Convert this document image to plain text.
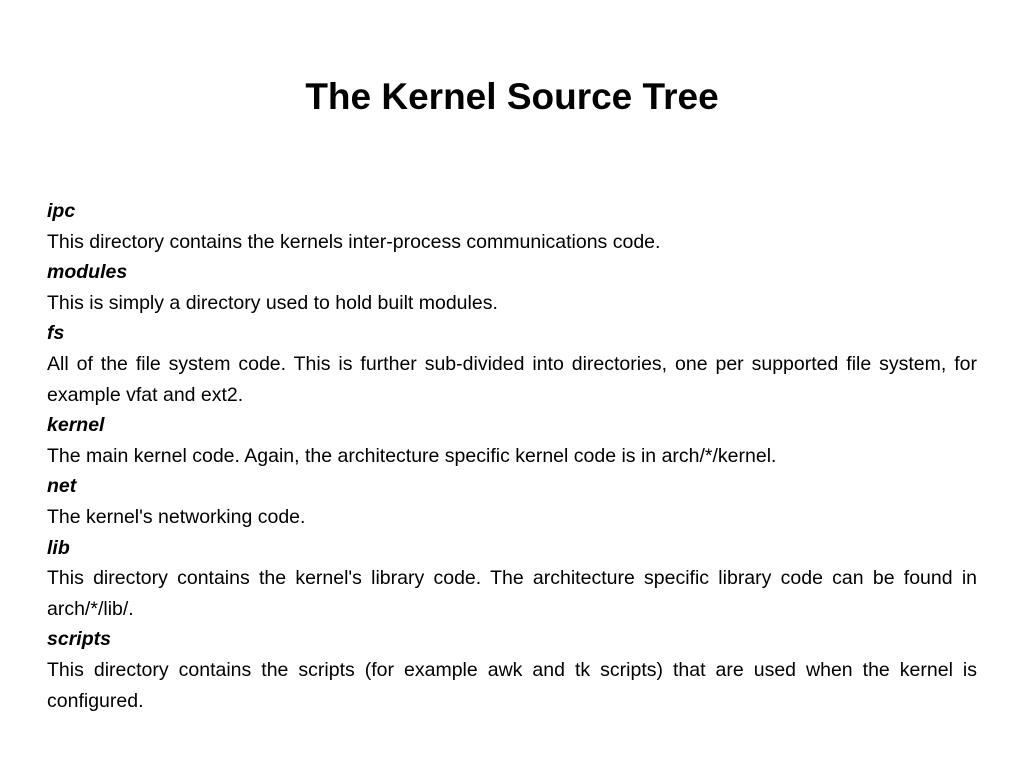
The Kernel Source Tree
ipc
This directory contains the kernels inter-process communications code.
modules
This is simply a directory used to hold built modules.
fs
All of the file system code. This is further sub-divided into directories, one per supported file system, for example vfat and ext2.
kernel
The main kernel code. Again, the architecture specific kernel code is in arch/*/kernel.
net
The kernel's networking code.
lib
This directory contains the kernel's library code. The architecture specific library code can be found in arch/*/lib/.
scripts
This directory contains the scripts (for example awk and tk scripts) that are used when the kernel is configured.
